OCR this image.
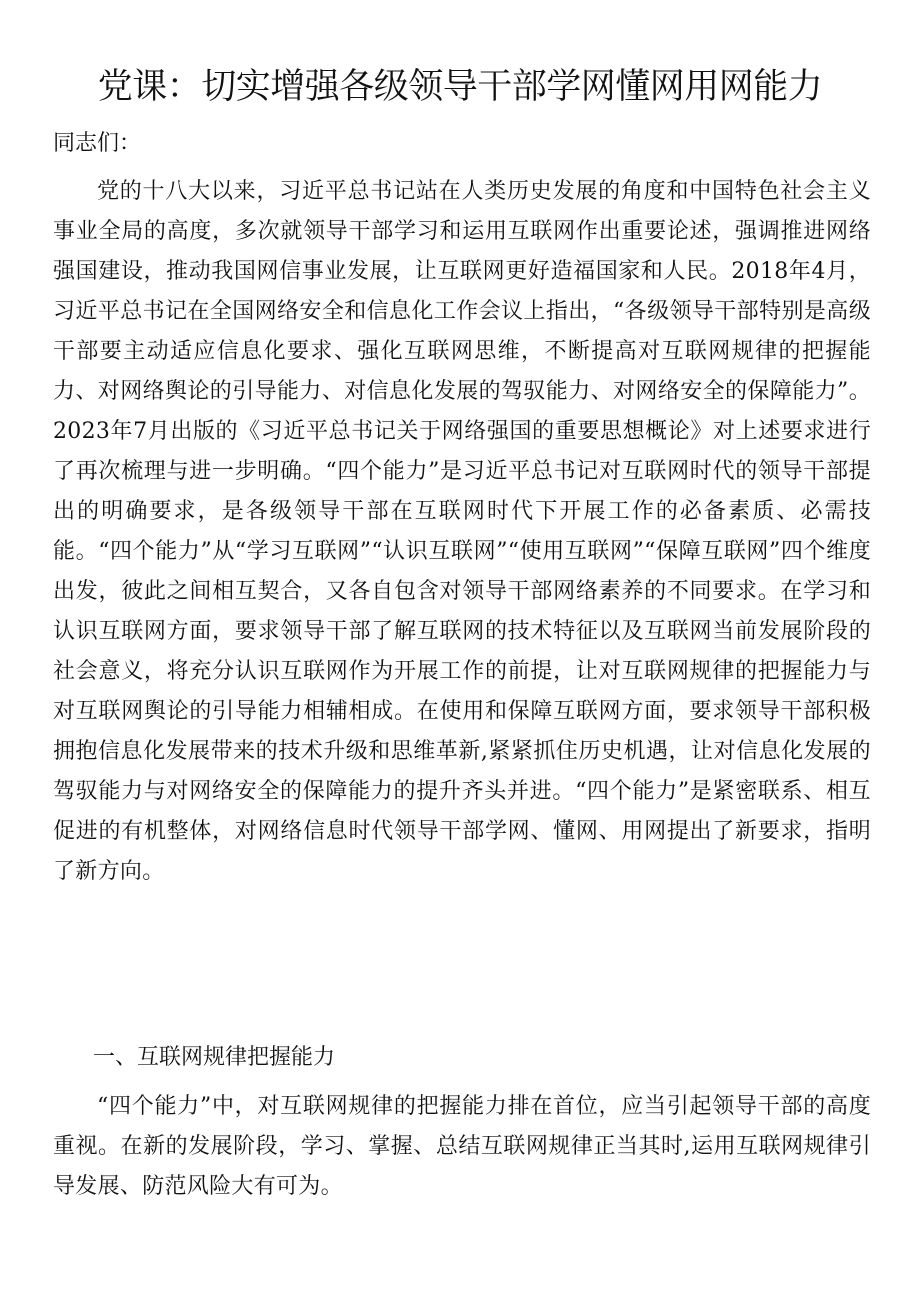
党课：切实增强各级领导干部学网懂网用网能力

同志们：

党的十八大以来，习近平总书记站在人类历史发展的角度和中国特色社会主义事业全局的高度，多次就领导干部学习和运用互联网作出重要论述，强调推进网络强国建设，推动我国网信事业发展，让互联网更好造福国家和人民。2018年4月，习近平总书记在全国网络安全和信息化工作会议上指出，“各级领导干部特别是高级干部要主动适应信息化要求、强化互联网思维，不断提高对互联网规律的把握能力、对网络舆论的引导能力、对信息化发展的驾驭能力、对网络安全的保障能力”。2023年7月出版的《习近平总书记关于网络强国的重要思想概论》对上述要求进行了再次梳理与进一步明确。“四个能力”是习近平总书记对互联网时代的领导干部提出的明确要求，是各级领导干部在互联网时代下开展工作的必备素质、必需技能。“四个能力”从“学习互联网”“认识互联网”“使用互联网”“保障互联网”四个维度出发，彼此之间相互契合，又各自包含对领导干部网络素养的不同要求。在学习和认识互联网方面，要求领导干部了解互联网的技术特征以及互联网当前发展阶段的社会意义，将充分认识互联网作为开展工作的前提，让对互联网规律的把握能力与对互联网舆论的引导能力相辅相成。在使用和保障互联网方面，要求领导干部积极拥抱信息化发展带来的技术升级和思维革新,紧紧抓住历史机遇，让对信息化发展的驾驭能力与对网络安全的保障能力的提升齐头并进。“四个能力”是紧密联系、相互促进的有机整体，对网络信息时代领导干部学网、懂网、用网提出了新要求，指明了新方向。

一、互联网规律把握能力

“四个能力”中，对互联网规律的把握能力排在首位，应当引起领导干部的高度重视。在新的发展阶段，学习、掌握、总结互联网规律正当其时,运用互联网规律引导发展、防范风险大有可为。
